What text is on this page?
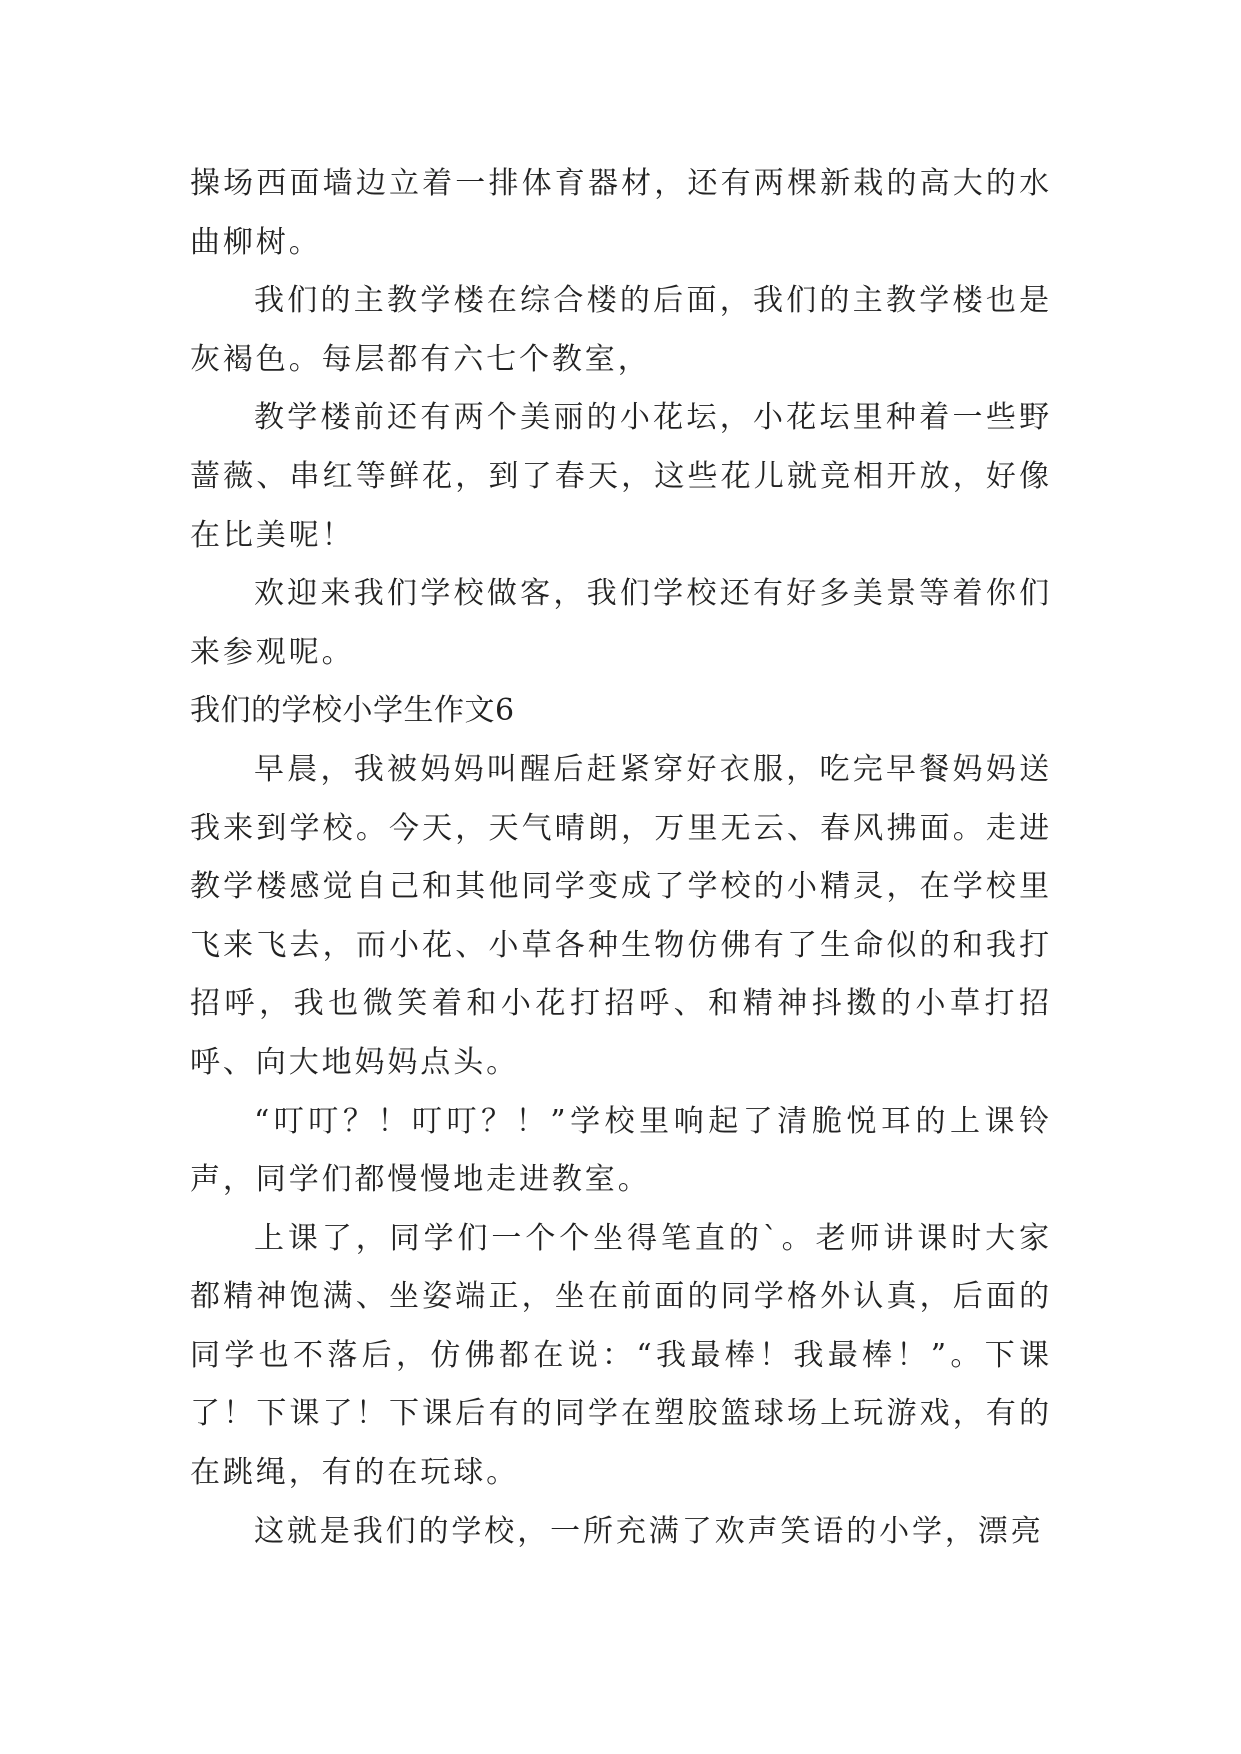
操场西面墙边立着一排体育器材，还有两棵新栽的高大的水曲柳树。

我们的主教学楼在综合楼的后面，我们的主教学楼也是灰褐色。每层都有六七个教室，

教学楼前还有两个美丽的小花坛，小花坛里种着一些野蔷薇、串红等鲜花，到了春天，这些花儿就竞相开放，好像在比美呢！

欢迎来我们学校做客，我们学校还有好多美景等着你们来参观呢。

我们的学校小学生作文6

早晨，我被妈妈叫醒后赶紧穿好衣服，吃完早餐妈妈送我来到学校。今天，天气晴朗，万里无云、春风拂面。走进教学楼感觉自己和其他同学变成了学校的小精灵，在学校里飞来飞去，而小花、小草各种生物仿佛有了生命似的和我打招呼，我也微笑着和小花打招呼、和精神抖擞的小草打招呼、向大地妈妈点头。

“叮叮？！叮叮？！”学校里响起了清脆悦耳的上课铃声，同学们都慢慢地走进教室。

上课了，同学们一个个坐得笔直的`。老师讲课时大家都精神饱满、坐姿端正，坐在前面的同学格外认真，后面的同学也不落后，仿佛都在说：“我最棒！我最棒！”。下课了！下课了！下课后有的同学在塑胶篮球场上玩游戏，有的在跳绳，有的在玩球。

这就是我们的学校，一所充满了欢声笑语的小学，漂亮
